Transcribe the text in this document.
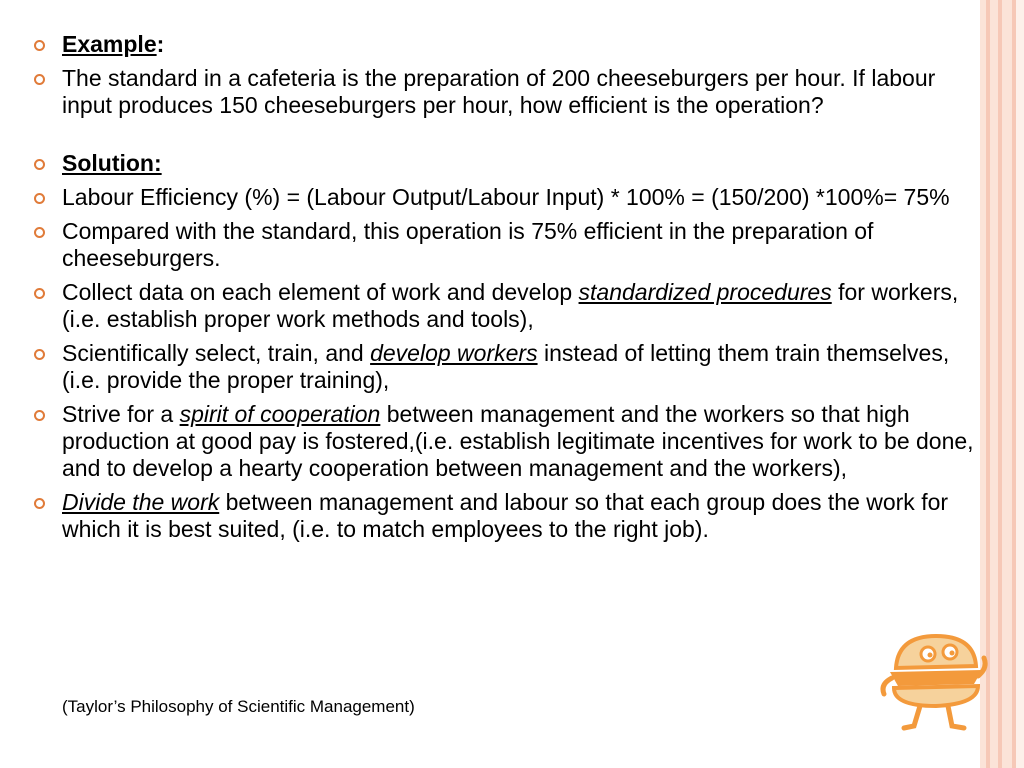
Example:

The standard in a cafeteria is the preparation of 200 cheeseburgers per hour. If labour input produces 150 cheeseburgers per hour, how efficient is the operation?

Solution:

Labour Efficiency (%) = (Labour Output/Labour Input) * 100% = (150/200) *100%= 75%

Compared with the standard, this operation is 75% efficient in the preparation of cheeseburgers.

Collect data on each element of work and develop standardized procedures for workers,(i.e. establish proper work methods and tools),

Scientifically select, train, and develop workers instead of letting them train themselves, (i.e. provide the proper training),

Strive for a spirit of cooperation between management and the workers so that high production at good pay is fostered,(i.e. establish legitimate incentives for work to be done, and to develop a hearty cooperation between management and the workers),

Divide the work between management and labour so that each group does the work for which it is best suited, (i.e. to match employees to the right job).

(Taylor’s Philosophy of Scientific Management)
